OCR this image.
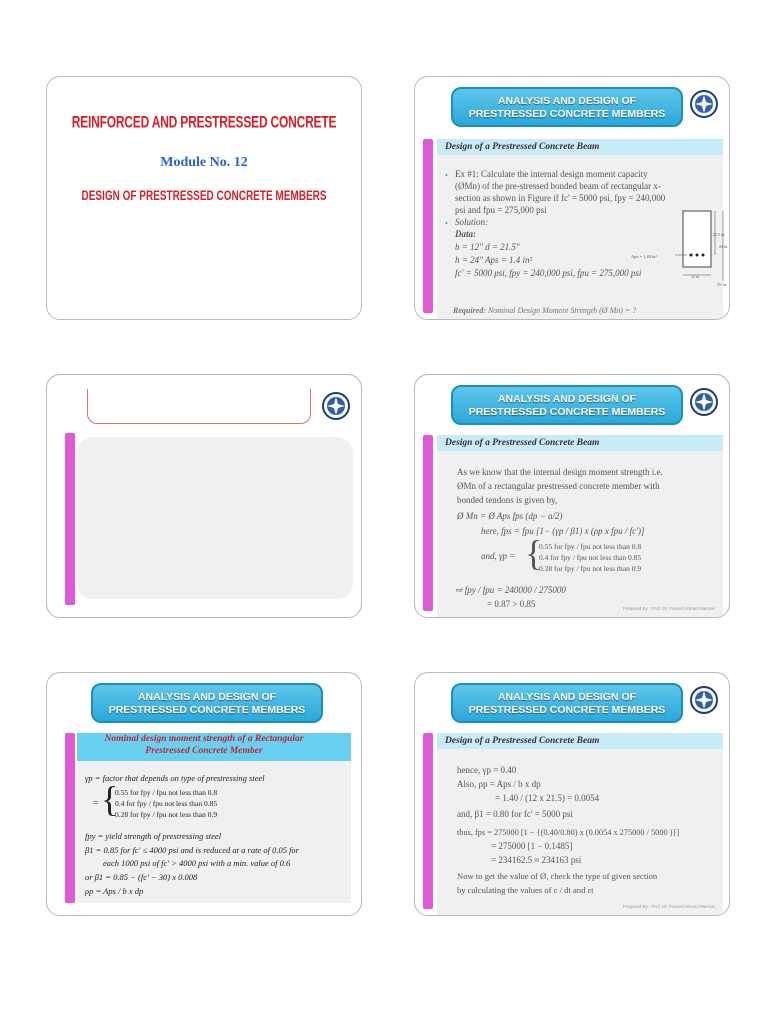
REINFORCED AND PRESTRESSED CONCRETE
Module No. 12
DESIGN OF PRESTRESSED CONCRETE MEMBERS
ANALYSIS AND DESIGN OF
PRESTRESSED CONCRETE MEMBERS
Design of a Prestressed Concrete Beam
• Ex #1: Calculate the internal design moment capacity
(ØMn) of the pre-stressed bonded beam of rectangular x-
section as shown in Figure if fc' = 5000 psi, fpy = 240,000
psi and fpu = 275,000 psi
• Solution:
Data:
b = 12" d = 21.5"
h = 24" Aps = 1.4 in²
fc' = 5000 psi, fpy = 240,000 psi, fpu = 275,000 psi
Aps = 1.40 in²
21.5 in.
24 in.
12 in.
2½ in.
Required: Nominal Design Moment Strength (Ø Mn) = ?
ANALYSIS AND DESIGN OF
PRESTRESSED CONCRETE MEMBERS
Design of a Prestressed Concrete Beam
As we know that the internal design moment strength i.e.
ØMn of a rectangular prestressed concrete member with
bonded tendons is given by,
Ø Mn = Ø Aps fps (dp − a/2)
here, fps = fpu [1− (γp / β1) x (ρp x fpu / fc')]
and, γp = {
0.55 for fpy / fpu not less than 0.8
0.4 for fpy / fpu not less than 0.85
0.28 for fpy / fpu not less than 0.9
⇨ fpy / fpu = 240000 / 275000
= 0.87 > 0.85	Prepared By : Prof. Dr. Fareed Ahmed Memon
ANALYSIS AND DESIGN OF
PRESTRESSED CONCRETE MEMBERS
Nominal design moment strength of a Rectangular
Prestressed Concrete Member
γp = factor that depends on type of prestressing steel
= {
0.55 for fpy / fpu not less than 0.8
0.4 for fpy / fpu not less than 0.85
0.28 for fpy / fpu not less than 0.9
fpy = yield strength of prestressing steel
β1 = 0.85 for fc' ≤ 4000 psi and is reduced at a rate of 0.05 for
each 1000 psi of fc' > 4000 psi with a min. value of 0.6
or β1 = 0.85 − (fc' − 30) x 0.008
ρp = Aps / b x dp
ANALYSIS AND DESIGN OF
PRESTRESSED CONCRETE MEMBERS
Design of a Prestressed Concrete Beam
hence, γp = 0.40
Also, ρp = Aps / b x dp
= 1.40 / (12 x 21.5) = 0.0054
and, β1 = 0.80 for fc' = 5000 psi
thus, fps = 275000 [1 − {(0.40/0.80) x (0.0054 x 275000 / 5000 )}]
= 275000 [1 − 0.1485]
= 234162.5 ≈ 234163 psi
Now to get the value of Ø, check the type of given section
by calculating the values of c / dt and εt
Prepared By : Prof. Dr. Fareed Ahmed Memon
